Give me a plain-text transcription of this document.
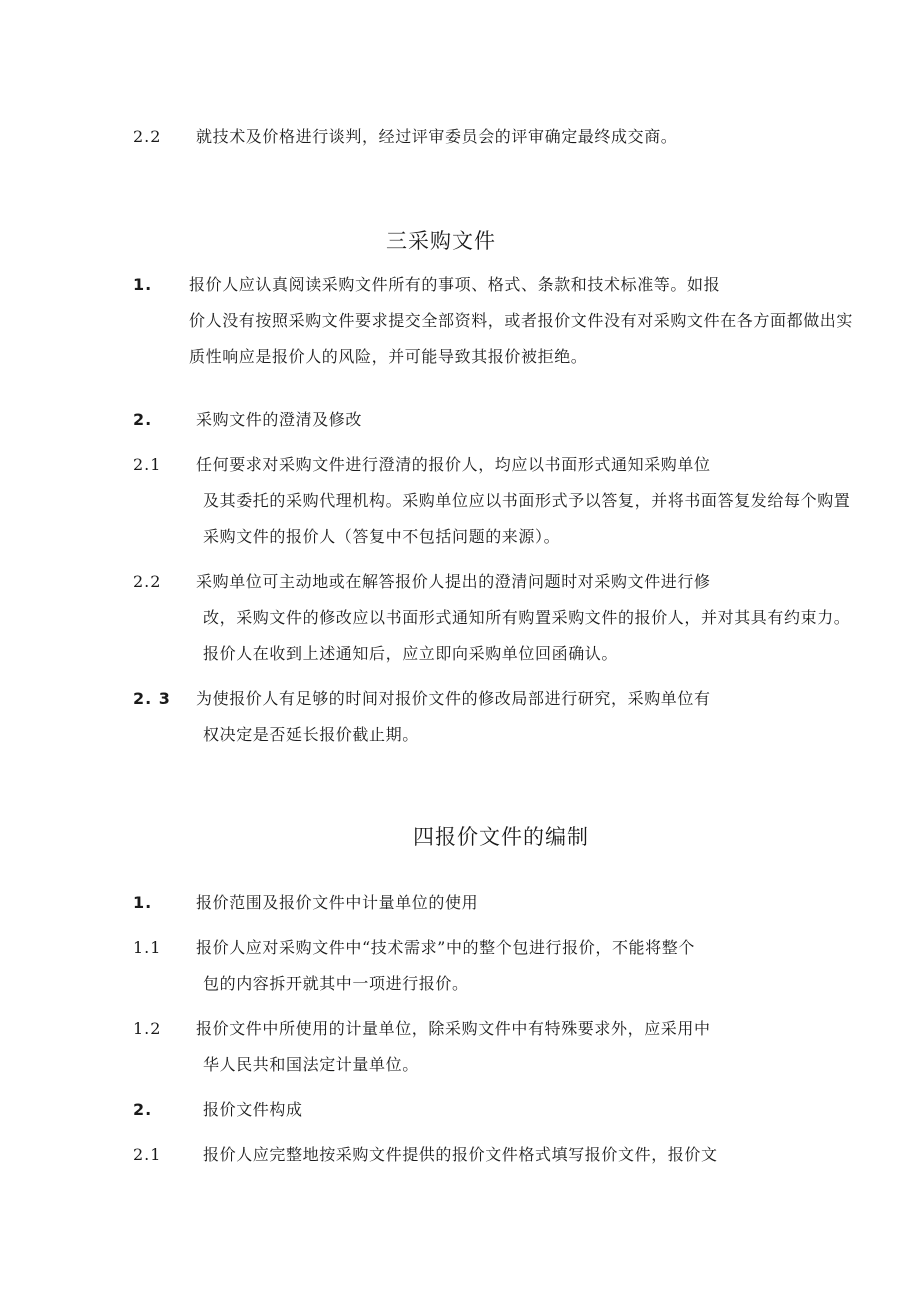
2.2 就技术及价格进行谈判，经过评审委员会的评审确定最终成交商。
三采购文件
1. 报价人应认真阅读采购文件所有的事项、格式、条款和技术标准等。如报
价人没有按照采购文件要求提交全部资料，或者报价文件没有对采购文件在各方面都做出实
质性响应是报价人的风险，并可能导致其报价被拒绝。
2.	采购文件的澄清及修改
2.1 任何要求对采购文件进行澄清的报价人，均应以书面形式通知采购单位
及其委托的采购代理机构。采购单位应以书面形式予以答复，并将书面答复发给每个购置
采购文件的报价人（答复中不包括问题的来源）。
2.2 采购单位可主动地或在解答报价人提出的澄清问题时对采购文件进行修
改，采购文件的修改应以书面形式通知所有购置采购文件的报价人，并对其具有约束力。
报价人在收到上述通知后，应立即向采购单位回函确认。
2. 3 为使报价人有足够的时间对报价文件的修改局部进行研究，采购单位有
权决定是否延长报价截止期。
四报价文件的编制
1.	报价范围及报价文件中计量单位的使用
1.1 报价人应对采购文件中“技术需求”中的整个包进行报价，不能将整个
包的内容拆开就其中一项进行报价。
1.2 报价文件中所使用的计量单位，除采购文件中有特殊要求外，应采用中
华人民共和国法定计量单位。
2.	报价文件构成
2.1	报价人应完整地按采购文件提供的报价文件格式填写报价文件，报价文
